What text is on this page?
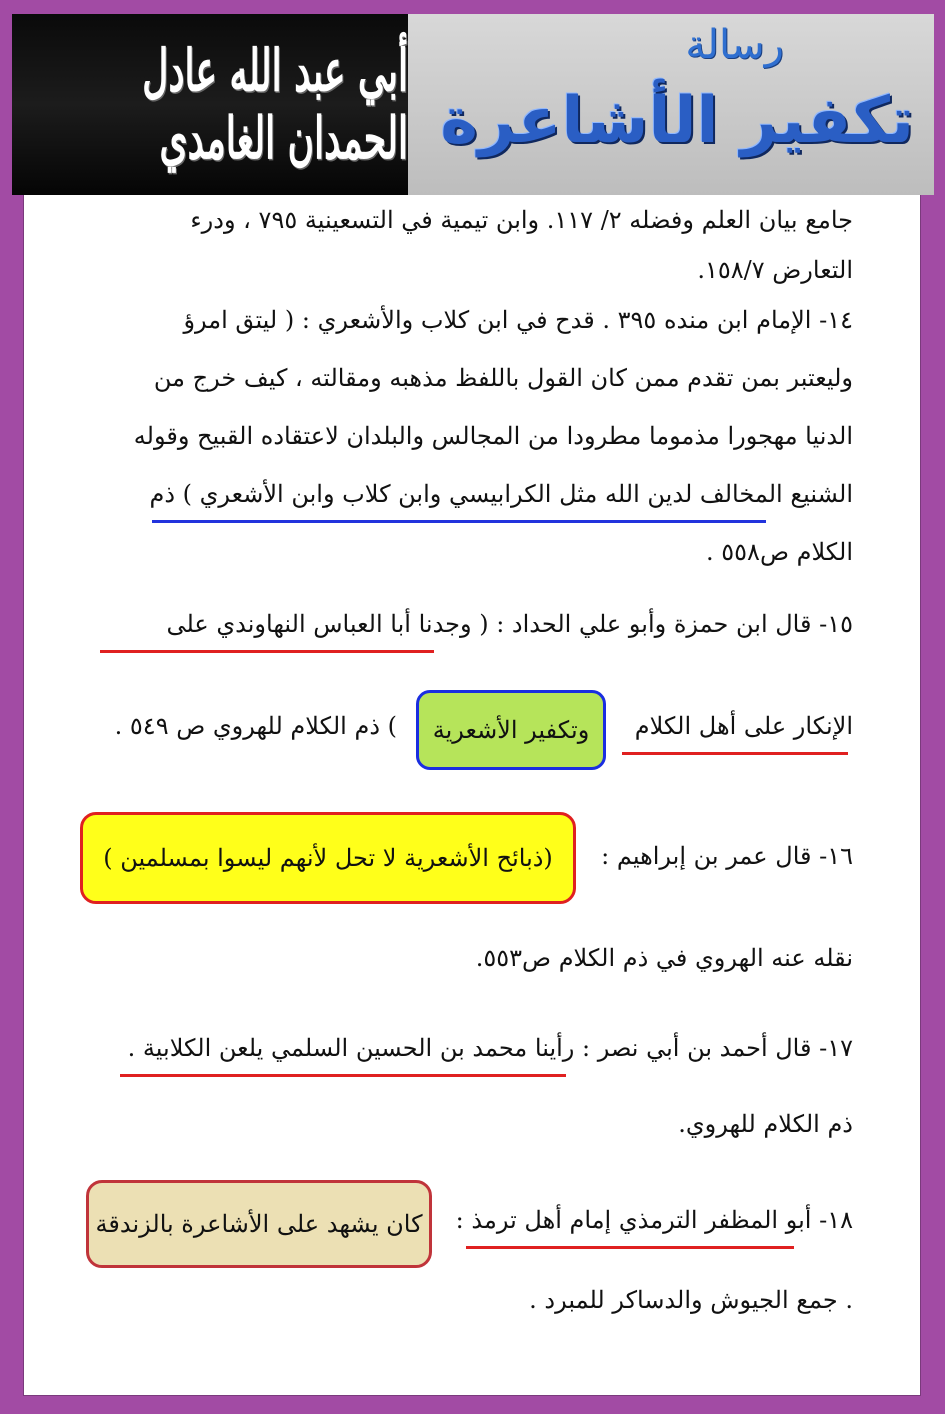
أبي عبد الله عادل الحمدان الغامدي
رسالة
تكفير الأشاعرة
جامع بيان العلم وفضله ٢/ ١١٧. وابن تيمية في التسعينية ٧٩٥ ، ودرء
التعارض ١٥٨/٧.
١٤- الإمام ابن منده ٣٩٥ . قدح في ابن كلاب والأشعري : ( ليتق امرؤ
وليعتبر بمن تقدم ممن كان القول باللفظ مذهبه ومقالته ، كيف خرج من
الدنيا مهجورا مذموما مطرودا من المجالس والبلدان لاعتقاده القبيح وقوله
الشنيع المخالف لدين الله مثل الكرابيسي وابن كلاب وابن الأشعري ) ذم
الكلام ص٥٥٨ .
١٥- قال ابن حمزة وأبو علي الحداد : ( وجدنا أبا العباس النهاوندي على
الإنكار على أهل الكلام
وتكفير الأشعرية
) ذم الكلام للهروي ص ٥٤٩ .
١٦- قال عمر بن إبراهيم :
(ذبائح الأشعرية لا تحل لأنهم ليسوا بمسلمين )
نقله عنه الهروي في ذم الكلام ص٥٥٣.
١٧- قال أحمد بن أبي نصر : رأينا محمد بن الحسين السلمي يلعن الكلابية .
ذم الكلام للهروي.
١٨- أبو المظفر الترمذي إمام أهل ترمذ :
كان يشهد على الأشاعرة بالزندقة
. جمع الجيوش والدساكر للمبرد .
